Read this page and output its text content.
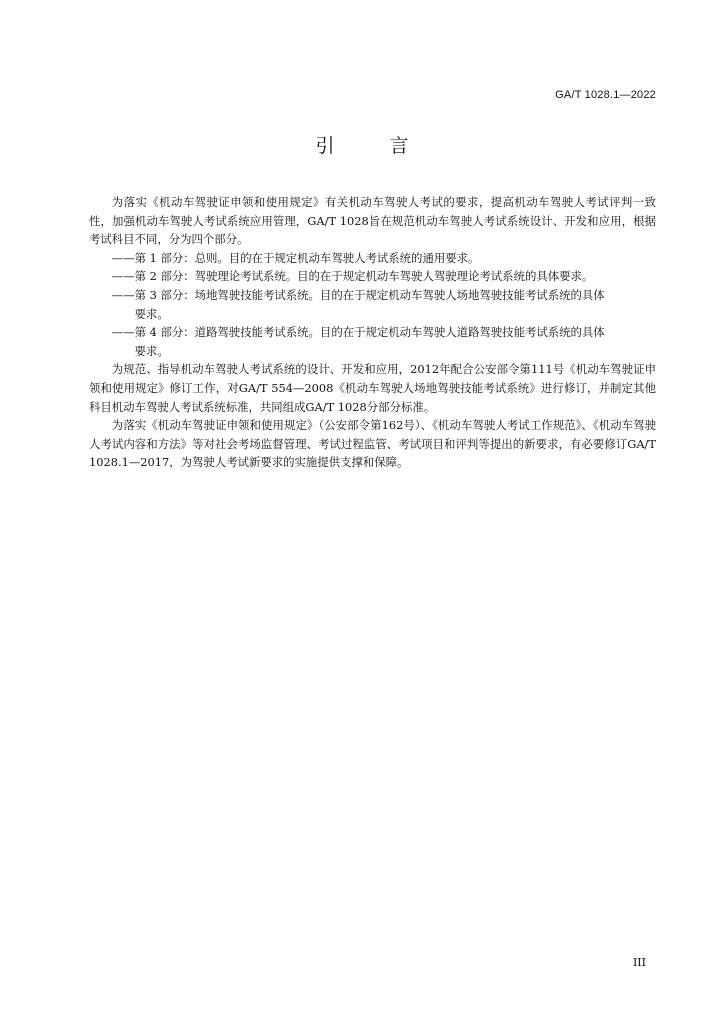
GA/T 1028.1—2022
引　言

为落实《机动车驾驶证申领和使用规定》有关机动车驾驶人考试的要求，提高机动车驾驶人考试评判一致性，加强机动车驾驶人考试系统应用管理，GA/T 1028旨在规范机动车驾驶人考试系统设计、开发和应用，根据考试科目不同，分为四个部分。

——第 1 部分：总则。目的在于规定机动车驾驶人考试系统的通用要求。

——第 2 部分：驾驶理论考试系统。目的在于规定机动车驾驶人驾驶理论考试系统的具体要求。

——第 3 部分：场地驾驶技能考试系统。目的在于规定机动车驾驶人场地驾驶技能考试系统的具体
要求。

——第 4 部分：道路驾驶技能考试系统。目的在于规定机动车驾驶人道路驾驶技能考试系统的具体
要求。

为规范、指导机动车驾驶人考试系统的设计、开发和应用，2012年配合公安部令第111号《机动车驾驶证申领和使用规定》修订工作，对GA/T 554—2008《机动车驾驶人场地驾驶技能考试系统》进行修订，并制定其他科目机动车驾驶人考试系统标准，共同组成GA/T 1028分部分标准。

为落实《机动车驾驶证申领和使用规定》（公安部令第162号）、《机动车驾驶人考试工作规范》、《机动车驾驶人考试内容和方法》等对社会考场监督管理、考试过程监管、考试项目和评判等提出的新要求，有必要修订GA/T 1028.1—2017，为驾驶人考试新要求的实施提供支撑和保障。

III
